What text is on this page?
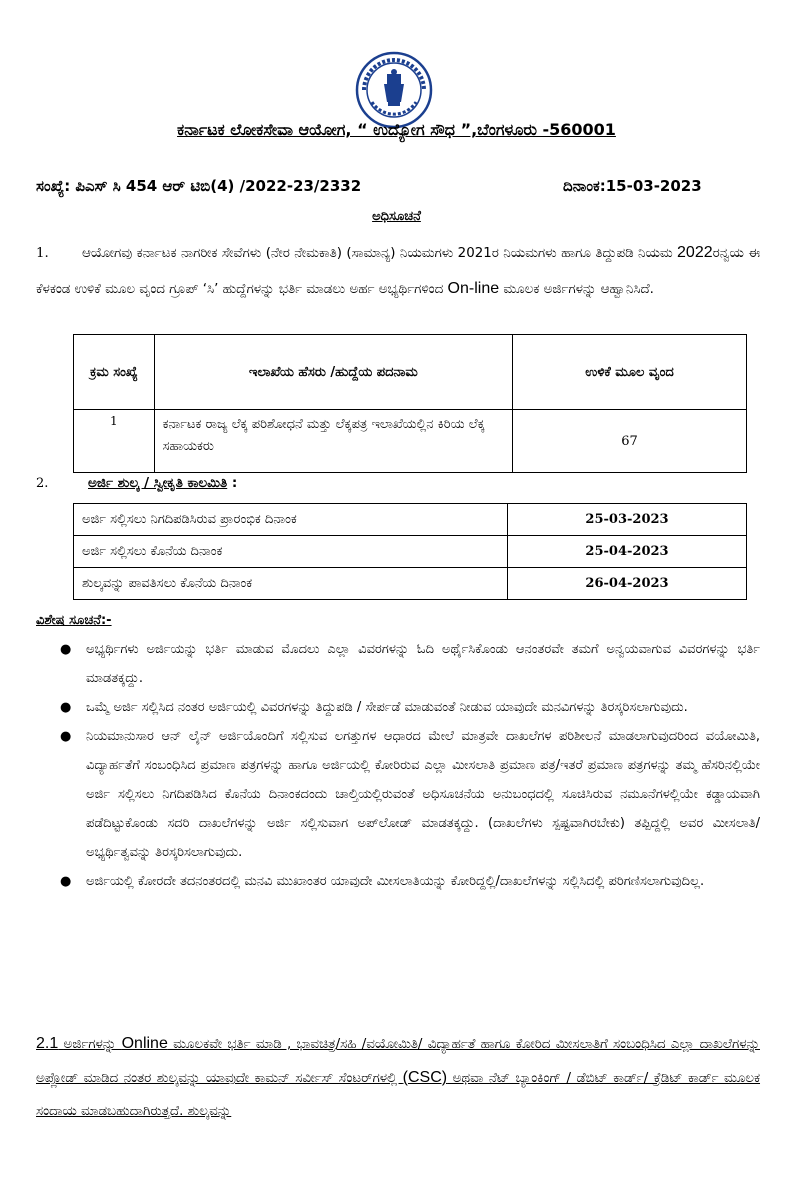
ಕರ್ನಾಟಕ ಲೋಕಸೇವಾ ಆಯೋಗ, “ ಉದ್ಯೋಗ ಸೌಧ ”,ಬೆಂಗಳೂರು -560001
ಸಂಖ್ಯೆ: ಪಿಎಸ್ ಸಿ 454 ಆರ್ ಟಿಬಿ(4) /2022-23/2332	ದಿನಾಂಕ:15-03-2023
ಅಧಿಸೂಚನೆ
1. ಆಯೋಗವು ಕರ್ನಾಟಕ ನಾಗರೀಕ ಸೇವೆಗಳು (ನೇರ ನೇಮಕಾತಿ) (ಸಾಮಾನ್ಯ) ನಿಯಮಗಳು 2021ರ ನಿಯಮಗಳು ಹಾಗೂ ತಿದ್ದುಪಡಿ ನಿಯಮ 2022ರನ್ವಯ ಈ ಕೆಳಕಂಡ ಉಳಿಕೆ ಮೂಲ ವೃಂದ ಗ್ರೂಪ್ ‘ಸಿ’ ಹುದ್ದೆಗಳನ್ನು ಭರ್ತಿ ಮಾಡಲು ಅರ್ಹ ಅಭ್ಯರ್ಥಿಗಳಿಂದ On-line ಮೂಲಕ ಅರ್ಜಿಗಳನ್ನು ಆಹ್ವಾನಿಸಿದೆ.
ಕ್ರಮ ಸಂಖ್ಯೆ	ಇಲಾಖೆಯ ಹೆಸರು /ಹುದ್ದೆಯ ಪದನಾಮ	ಉಳಿಕೆ ಮೂಲ ವೃಂದ
1	ಕರ್ನಾಟಕ ರಾಜ್ಯ ಲೆಕ್ಕ ಪರಿಶೋಧನೆ ಮತ್ತು ಲೆಕ್ಕಪತ್ರ ಇಲಾಖೆಯಲ್ಲಿನ ಕಿರಿಯ ಲೆಕ್ಕ ಸಹಾಯಕರು	67
2.	ಅರ್ಜಿ ಶುಲ್ಕ / ಸ್ವೀಕೃತಿ ಕಾಲಮಿತಿ :
ಅರ್ಜಿ ಸಲ್ಲಿಸಲು ನಿಗದಿಪಡಿಸಿರುವ ಪ್ರಾರಂಭಿಕ ದಿನಾಂಕ	25-03-2023
ಅರ್ಜಿ ಸಲ್ಲಿಸಲು ಕೊನೆಯ ದಿನಾಂಕ	25-04-2023
ಶುಲ್ಕವನ್ನು ಪಾವತಿಸಲು ಕೊನೆಯ ದಿನಾಂಕ	26-04-2023
ವಿಶೇಷ ಸೂಚನೆ:-
● ಅಭ್ಯರ್ಥಿಗಳು ಅರ್ಜಿಯನ್ನು ಭರ್ತಿ ಮಾಡುವ ಮೊದಲು ಎಲ್ಲಾ ವಿವರಗಳನ್ನು ಓದಿ ಅರ್ಥೈಸಿಕೊಂಡು ಆನಂತರವೇ ತಮಗೆ ಅನ್ವಯವಾಗುವ ವಿವರಗಳನ್ನು ಭರ್ತಿ ಮಾಡತಕ್ಕದ್ದು.
● ಒಮ್ಮೆ ಅರ್ಜಿ ಸಲ್ಲಿಸಿದ ನಂತರ ಅರ್ಜಿಯಲ್ಲಿ ವಿವರಗಳನ್ನು ತಿದ್ದುಪಡಿ / ಸೇರ್ಪಡೆ ಮಾಡುವಂತೆ ನೀಡುವ ಯಾವುದೇ ಮನವಿಗಳನ್ನು ತಿರಸ್ಕರಿಸಲಾಗುವುದು.
● ನಿಯಮಾನುಸಾರ ಆನ್ ಲೈನ್ ಅರ್ಜಿಯೊಂದಿಗೆ ಸಲ್ಲಿಸುವ ಲಗತ್ತುಗಳ ಆಧಾರದ ಮೇಲೆ ಮಾತ್ರವೇ ದಾಖಲೆಗಳ ಪರಿಶೀಲನೆ ಮಾಡಲಾಗುವುದರಿಂದ ವಯೋಮಿತಿ, ವಿದ್ಯಾರ್ಹತೆಗೆ ಸಂಬಂಧಿಸಿದ ಪ್ರಮಾಣ ಪತ್ರಗಳನ್ನು ಹಾಗೂ ಅರ್ಜಿಯಲ್ಲಿ ಕೋರಿರುವ ಎಲ್ಲಾ ಮೀಸಲಾತಿ ಪ್ರಮಾಣ ಪತ್ರ/ಇತರೆ ಪ್ರಮಾಣ ಪತ್ರಗಳನ್ನು ತಮ್ಮ ಹೆಸರಿನಲ್ಲಿಯೇ ಅರ್ಜಿ ಸಲ್ಲಿಸಲು ನಿಗದಿಪಡಿಸಿದ ಕೊನೆಯ ದಿನಾಂಕದಂದು ಚಾಲ್ತಿಯಲ್ಲಿರುವಂತೆ ಅಧಿಸೂಚನೆಯ ಅನುಬಂಧದಲ್ಲಿ ಸೂಚಿಸಿರುವ ನಮೂನೆಗಳಲ್ಲಿಯೇ ಕಡ್ಡಾಯವಾಗಿ ಪಡೆದಿಟ್ಟುಕೊಂಡು ಸದರಿ ದಾಖಲೆಗಳನ್ನು ಅರ್ಜಿ ಸಲ್ಲಿಸುವಾಗ ಅಪ್‌ಲೋಡ್ ಮಾಡತಕ್ಕದ್ದು. (ದಾಖಲೆಗಳು ಸ್ಪಷ್ಟವಾಗಿರಬೇಕು) ತಪ್ಪಿದ್ದಲ್ಲಿ ಅವರ ಮೀಸಲಾತಿ/ಅಭ್ಯರ್ಥಿತ್ವವನ್ನು ತಿರಸ್ಕರಿಸಲಾಗುವುದು.
● ಅರ್ಜಿಯಲ್ಲಿ ಕೋರದೇ ತದನಂತರದಲ್ಲಿ ಮನವಿ ಮುಖಾಂತರ ಯಾವುದೇ ಮೀಸಲಾತಿಯನ್ನು ಕೋರಿದ್ದಲ್ಲಿ/ದಾಖಲೆಗಳನ್ನು ಸಲ್ಲಿಸಿದಲ್ಲಿ ಪರಿಗಣಿಸಲಾಗುವುದಿಲ್ಲ.
2.1 ಅರ್ಜಿಗಳನ್ನು Online ಮೂಲಕವೇ ಭರ್ತಿ ಮಾಡಿ , ಭಾವಚಿತ್ರ/ಸಹಿ /ವಯೋಮಿತಿ/ ವಿದ್ಯಾರ್ಹತೆ ಹಾಗೂ ಕೋರಿದ ಮೀಸಲಾತಿಗೆ ಸಂಬಂಧಿಸಿದ ಎಲ್ಲಾ ದಾಖಲೆಗಳನ್ನು ಅಪ್ಲೋಡ್ ಮಾಡಿದ ನಂತರ ಶುಲ್ಕವನ್ನು ಯಾವುದೇ ಕಾಮನ್ ಸರ್ವೀಸ್ ಸೆಂಟರ್‌ಗಳಲ್ಲಿ (CSC) ಅಥವಾ ನೆಟ್ ಬ್ಯಾಂಕಿಂಗ್ / ಡೆಬಿಟ್ ಕಾರ್ಡ್/ ಕ್ರೆಡಿಟ್ ಕಾರ್ಡ್ ಮೂಲಕ ಸಂದಾಯ ಮಾಡಬಹುದಾಗಿರುತ್ತದೆ. ಶುಲ್ಕವನ್ನು
